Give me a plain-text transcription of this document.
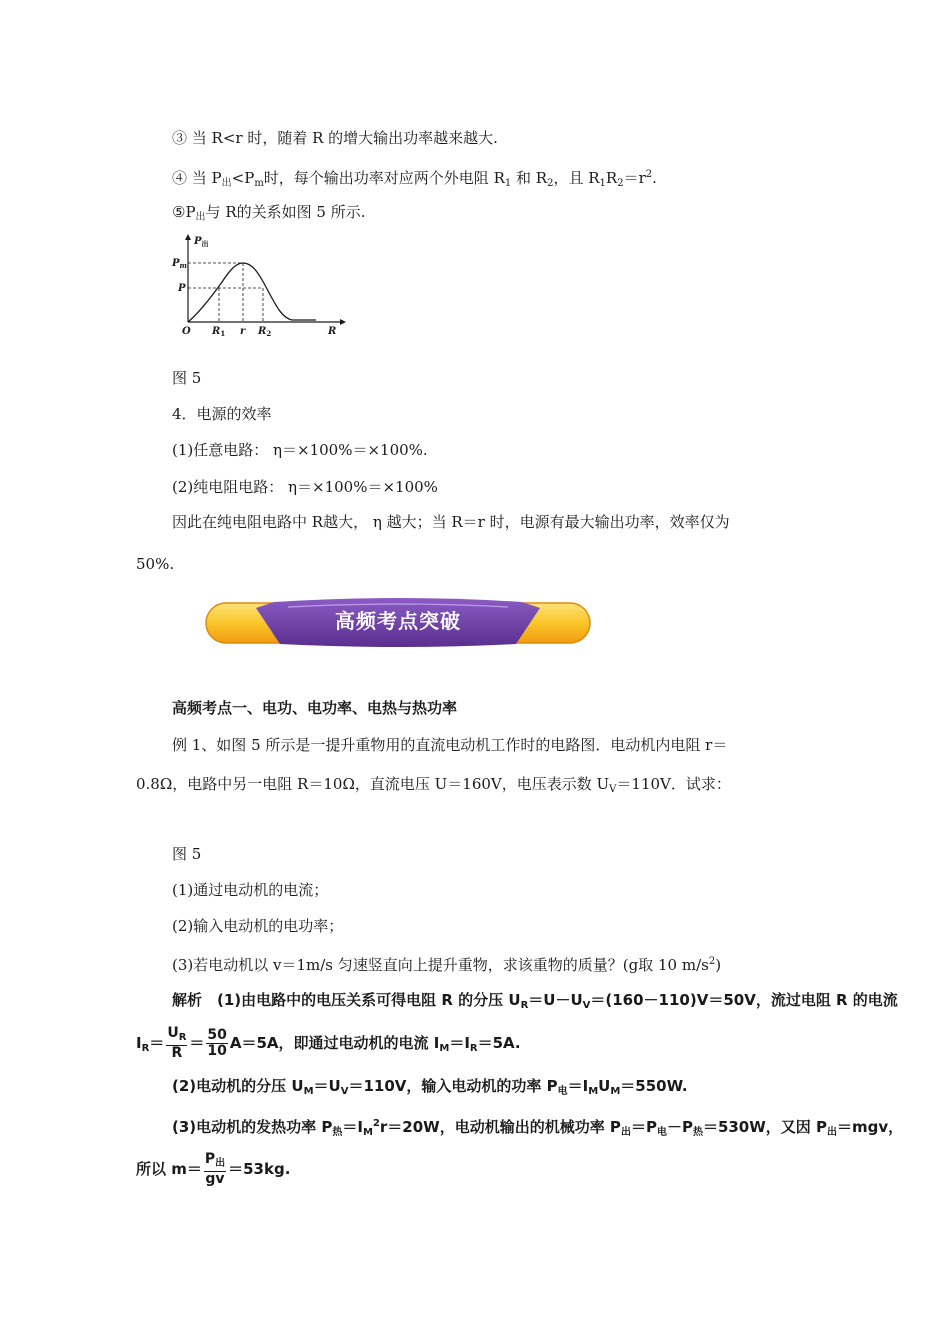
③ 当 R<r 时，随着 R 的增大输出功率越来越大.
④ 当 $P_出<P_m$时，每个输出功率对应两个外电阻 $R_1$ 和 $R_2$，且 $R_1R_2=r^2$.
$⑤P_出$与 R的关系如图 5 所示.
$P_出$
$P_m$
P
O $R_1$ r $R_2$	R
图 5
4．电源的效率
(1)任意电路： η＝×100%＝×100%.
(2)纯电阻电路： η＝×100%＝×100%
因此在纯电阻电路中 R越大， η 越大；当 R＝r 时，电源有最大输出功率，效率仅为
50%.
高频考点突破
高频考点一、电功、电功率、电热与热功率
例 1、如图 5 所示是一提升重物用的直流电动机工作时的电路图．电动机内电阻 r＝
0.8Ω，电路中另一电阻 R＝10Ω，直流电压 U＝160V，电压表示数 $U_V=110V$．试求：
图 5
(1)通过电动机的电流；
(2)输入电动机的电功率；
(3)若电动机以 v＝1m/s 匀速竖直向上提升重物，求该重物的质量？(g取 10 $m/s^2$)
解析　(1)由电路中的电压关系可得电阻 R 的分压 $U_R=U-U_V=(160-110)V=50V$，流过电阻 R 的电流
$I_R= \frac{U_R}{R} = \frac{50}{10} A=5A$，即通过电动机的电流 $I_M=I_R=5A$.
(2)电动机的分压 $U_M=U_V=110V$，输入电动机的功率 $P_电=I_MU_M=550W$.
(3)电动机的发热功率 $P_热=I_M^2r=20W$，电动机输出的机械功率 $P_出=P_电-P_热=530W$，又因 $P_出=mgv$，
所以 $m= \frac{P_出}{gv} =53kg$.
